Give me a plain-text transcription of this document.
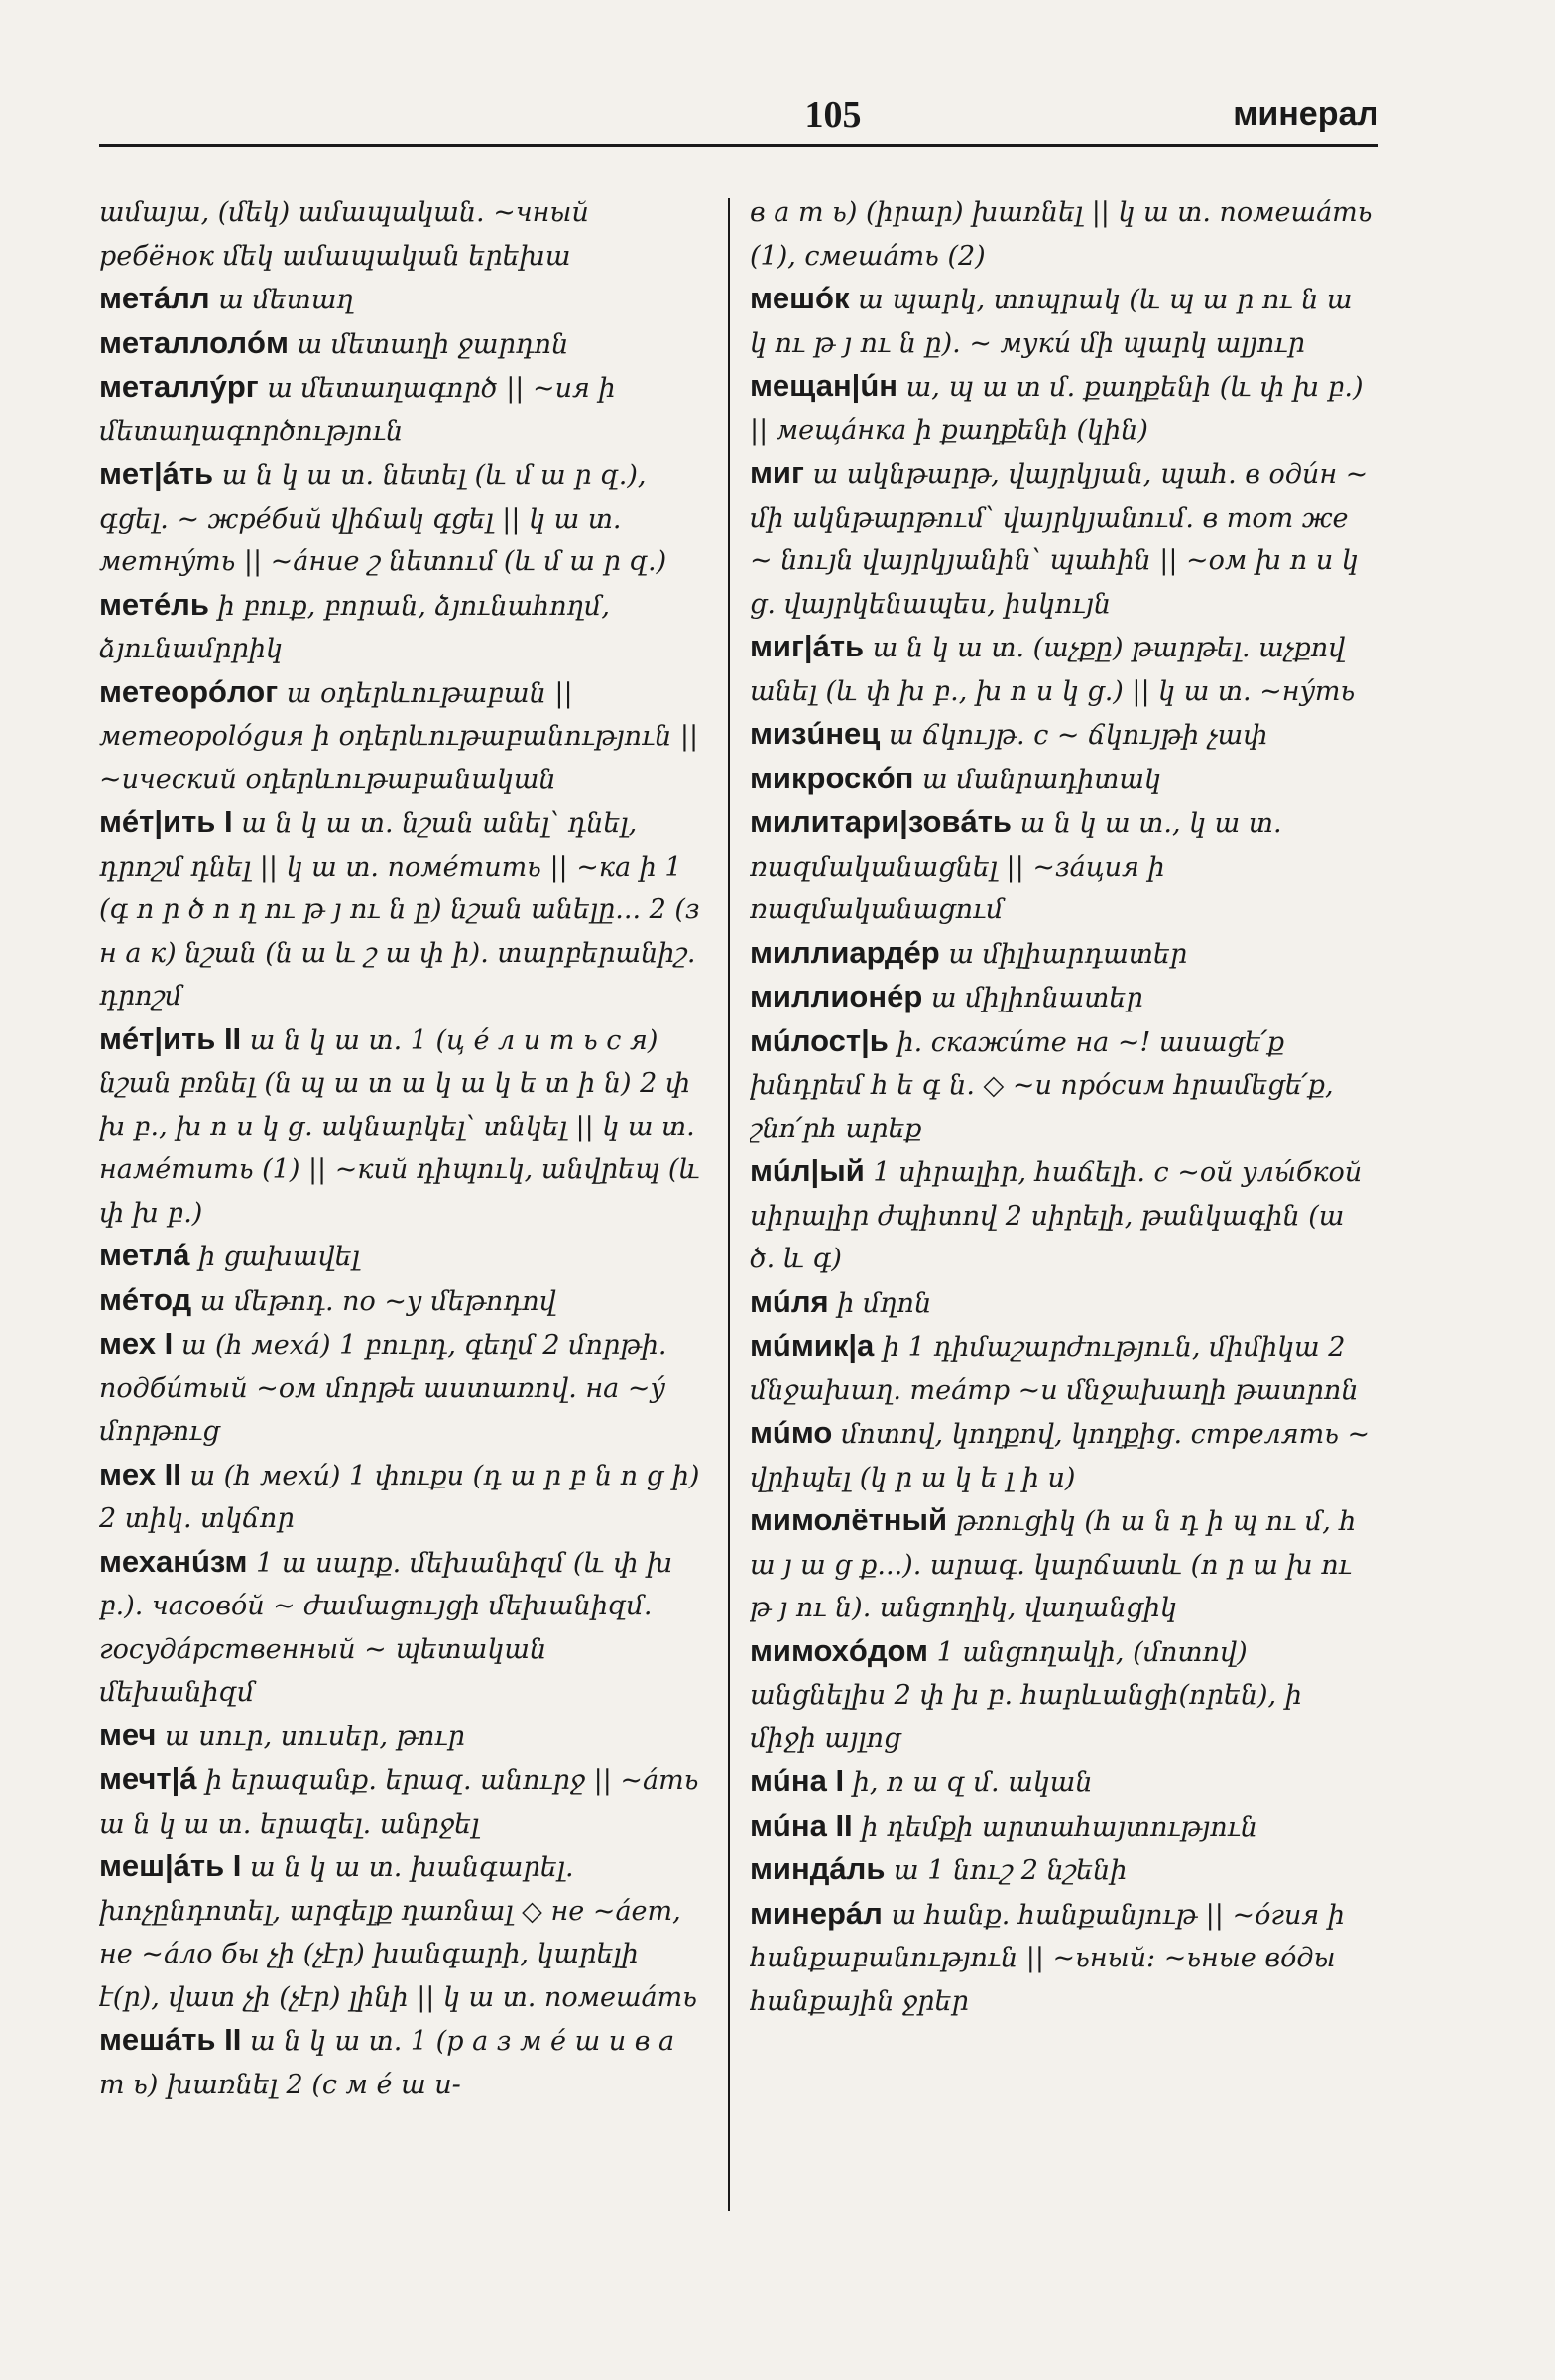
105	минерал
ամայա, (մեկ) ամապական. ~чный ребёнок մեկ ամապական երեխա
метáлл ա մետաղ
металлолóм ա մետաղի ջարդոն
металлýрг ա մետաղագործ || ~ия ի մետաղագործություն
мет|áть ա ն կ ա տ. նետել (և մ ա ր զ.), գցել. ~ жрéбий վիճակ գցել || կ ա տ. метнýть || ~áние շ նետում (և մ ա ր զ.)
метéль ի բուք, բորան, ձյունահողմ, ձյունամրրիկ
метеорóлог ա օդերևութաբան || метеорológия ի օդերևութաբանություն || ~ический օդերևութաբանական
мéт|ить I ա ն կ ա տ. նշան անել՝ դնել, դրոշմ դնել || կ ա տ. помéтить || ~ка ի 1 (գ ո ր ծ ո ղ ու թ յ ու ն ը) նշան անելը... 2 (з н а к) նշան (ն ա և շ ա փ ի). տարբերանիշ. դրոշմ
мéт|ить II ա ն կ ա տ. 1 (ц é л и т ь с я) նշան բռնել (ն պ ա տ ա կ ա կ ե տ ի ն) 2 փ խ բ., խ ո ս կ ց. ակնարկել՝ տնկել || կ ա տ. намéтить (1) || ~кий դիպուկ, անվրեպ (և փ խ բ.)
метлá ի ցախավել
мéтод ա մեթոդ. по ~у մեթոդով
мех I ա (հ мехá) 1 բուրդ, գեղմ 2 մորթի. подбúтый ~ом մորթե աստառով. на ~ý մորթուց
мех II ա (հ мехú) 1 փուքս (դ ա ր բ ն ո ց ի) 2 տիկ. տկճոր
механúзм 1 ա սարք. մեխանիզմ (և փ խ բ.). часовóй ~ ժամացույցի մեխանիզմ. госудáрственный ~ պետական մեխանիզմ
меч ա սուր, սուսեր, թուր
мечт|á ի երազանք. երազ. անուրջ || ~áть ա ն կ ա տ. երազել. անրջել
меш|áть I ա ն կ ա տ. խանգարել. խոչընդոտել, արգելք դառնալ ◇ не ~áет, не ~áло бы չի (չէր) խանգարի, կարելի է(ր), վատ չի (չէր) լինի || կ ա տ. помешáть
мешáть II ա ն կ ա տ. 1 (р а з м é ш и в а т ь) խառնել 2 (с м é ш и-
в а т ь) (իրար) խառնել || կ ա տ. помешáть (1), смешáть (2)
мешóк ա պարկ, տոպրակ (և պ ա ր ու ն ա կ ու թ յ ու ն ը). ~ мукú մի պարկ ալյուր
мещан|úн ա, պ ա տ մ. քաղքենի (և փ խ բ.) || мещáнка ի քաղքենի (կին)
миг ա ակնթարթ, վայրկյան, պահ. в одúн ~ մի ակնթարթում՝ վայրկյանում. в тот же ~ նույն վայրկյանին՝ պահին || ~ом խ ո ս կ ց. վայրկենապես, իսկույն
миг|áть ա ն կ ա տ. (աչքը) թարթել. աչքով անել (և փ խ բ., խ ո ս կ ց.) || կ ա տ. ~нýть
мизúнец ա ճկույթ. с ~ ճկույթի չափ
микроскóп ա մանրադիտակ
милитари|зовáть ա ն կ ա տ., կ ա տ. ռազմականացնել || ~зáция ի ռազմականացում
миллиардéр ա միլիարդատեր
миллионéр ա միլիոնատեր
мúлост|ь ի. скажúте на ~! ասացե՛ք խնդրեմ հ ե գ ն. ◇ ~и прóсим հրամեցե՛ք, շնո՛րհ արեք
мúл|ый 1 սիրալիր, հաճելի. с ~ой улы́бкой սիրալիր ժպիտով 2 սիրելի, թանկագին (ա ծ. և գ)
мúля ի մղոն
мúмик|а ի 1 դիմաշարժություն, միմիկա 2 մնջախաղ. теáтр ~и մնջախաղի թատրոն
мúмо մոտով, կողքով, կողքից. стрелять ~ վրիպել (կ ր ա կ ե լ ի ս)
мимолётный թռուցիկ (հ ա ն դ ի պ ու մ, հ ա յ ա ց ք...). արագ. կարճատև (ո ր ա խ ու թ յ ու ն). անցողիկ, վաղանցիկ
мимохóдом 1 անցողակի, (մոտով) անցնելիս 2 փ խ բ. հարևանցի(որեն), ի միջի այլոց
мúна I ի, ռ ա զ մ. ական
мúна II ի դեմքի արտահայտություն
миндáль ա 1 նուշ 2 նշենի
минерáл ա հանք. հանքանյութ || ~óгия ի հանքաբանություն || ~ьный: ~ьные вóды հանքային ջրեր
